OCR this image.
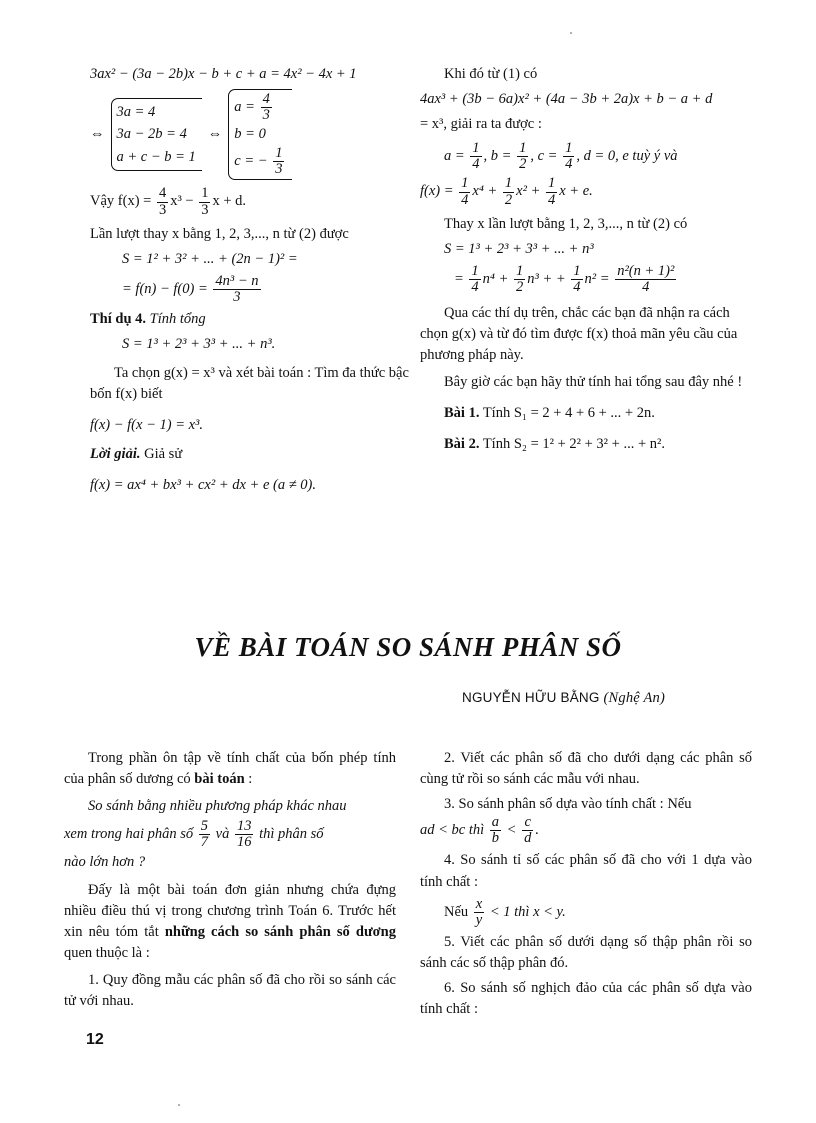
3ax² − (3a − 2b)x − b + c + a = 4x² − 4x + 1
⇔
3a = 4
3a − 2b = 4
a + c − b = 1
⇔
$a = \frac{4}{3}$
b = 0
c = − $\frac{1}{3}$
Vậy $f(x) = \frac{4}{3} x^3 - \frac{1}{3}$ x + d.

Lần lượt thay x bằng 1, 2, 3,..., n từ (2) được

S = 1² + 3² + ... + (2n − 1)² =
= $f(n) - f(0) = \frac{\text{4n³ − n}}{3}$

Thí dụ 4. Tính tổng

S = 1³ + 2³ + 3³ + ... + n³.

Ta chọn g(x) = x³ và xét bài toán : Tìm đa thức bậc bốn f(x) biết

f(x) − f(x − 1) = x³.

Lời giải. Giả sử

f(x) = ax⁴ + bx³ + cx² + dx + e (a ≠ 0).

Khi đó từ (1) có

4ax³ + (3b − 6a)x² + (4a − 3b + 2a)x + b − a + d
= x³, giải ra ta được :
$a = \frac{1}{4}$ , $b = \frac{1}{2}$ , $c = \frac{1}{4}$ , d = 0, e tuỳ ý và
$f(x) = \frac{1}{4} x^4 + \frac{1}{2} x^2 + \frac{1}{4}$ x + e.

Thay x lần lượt bằng 1, 2, 3,..., n từ (2) có

S = 1³ + 2³ + 3³ + ... + n³
= $\frac{1}{4} n^4 + \frac{1}{2} n^3$ + + $\frac{1}{4} n^2 = \frac{\text{n²(n + 1)²}}{4}$

Qua các thí dụ trên, chắc các bạn đã nhận ra cách chọn g(x) và từ đó tìm được f(x) thoả mãn yêu cầu của phương pháp này.

Bây giờ các bạn hãy thử tính hai tổng sau đây nhé !

Bài 1. Tính S₁ = 2 + 4 + 6 + ... + 2n.

Bài 2. Tính S₂ = 1² + 2² + 3² + ... + n².

VỀ BÀI TOÁN SO SÁNH PHÂN SỐ
NGUYỄN HỮU BẰNG (Nghệ An)

Trong phần ôn tập về tính chất của bốn phép tính của phân số dương có bài toán :

So sánh bằng nhiều phương pháp khác nhau

xem trong hai phân số $\frac{5}{7}$ và $\frac{13}{16}$ thì phân số

nào lớn hơn ?

Đấy là một bài toán đơn giản nhưng chứa đựng nhiều điều thú vị trong chương trình Toán 6. Trước hết xin nêu tóm tắt những cách so sánh phân số dương quen thuộc là :

1. Quy đồng mẫu các phân số đã cho rồi so sánh các tử với nhau.

2. Viết các phân số đã cho dưới dạng các phân số cùng tử rồi so sánh các mẫu với nhau.

3. So sánh phân số dựa vào tính chất : Nếu

ad < bc thì $\frac{a}{b} < \frac{c}{d}$ .

4. So sánh tỉ số các phân số đã cho với 1 dựa vào tính chất :

Nếu $\frac{x}{y} < 1$ thì x < y.

5. Viết các phân số dưới dạng số thập phân rồi so sánh các số thập phân đó.

6. So sánh số nghịch đảo của các phân số dựa vào tính chất :

12
